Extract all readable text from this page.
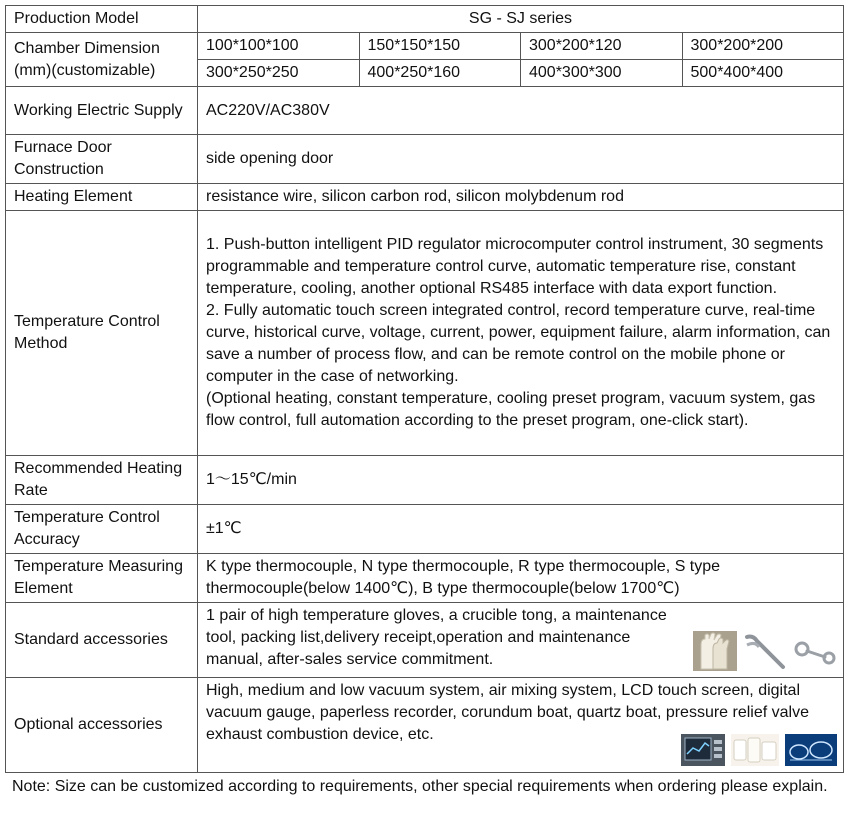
Production Model	SG - SJ series			
Chamber Dimension (mm)(customizable)	100*100*100	150*150*150	300*200*120	300*200*200
	300*250*250	400*250*160	400*300*300	500*400*400
Working Electric Supply	AC220V/AC380V			
Furnace Door Construction	side opening door			
Heating Element	resistance wire, silicon carbon rod, silicon molybdenum rod			
Temperature Control Method	1. Push-button intelligent PID regulator microcomputer control instrument, 30 segments programmable and temperature control curve, automatic temperature rise, constant temperature, cooling, another optional RS485 interface with data export function.
2. Fully automatic touch screen integrated control, record temperature curve, real-time curve, historical curve, voltage, current, power, equipment failure, alarm information, can save a number of process flow, and can be remote control on the mobile phone or computer in the case of networking.
(Optional heating, constant temperature, cooling preset program, vacuum system, gas flow control, full automation according to the preset program, one-click start).			

Recommended Heating Rate	1～15℃/min			
Temperature Control Accuracy	±1℃			
Temperature Measuring Element	K type thermocouple, N type thermocouple, R type thermocouple, S type thermocouple(below 1400℃), B type thermocouple(below 1700℃)			
Standard accessories	1 pair of high temperature gloves, a crucible tong, a maintenance tool, packing list,delivery receipt,operation and maintenance manual, after-sales service commitment.			

Optional accessories	High, medium and low vacuum system, air mixing system, LCD touch screen, digital vacuum gauge, paperless recorder, corundum boat, quartz boat, pressure relief valve exhaust combustion device, etc.			
Note: Size can be customized according to requirements, other special requirements when ordering please explain.
